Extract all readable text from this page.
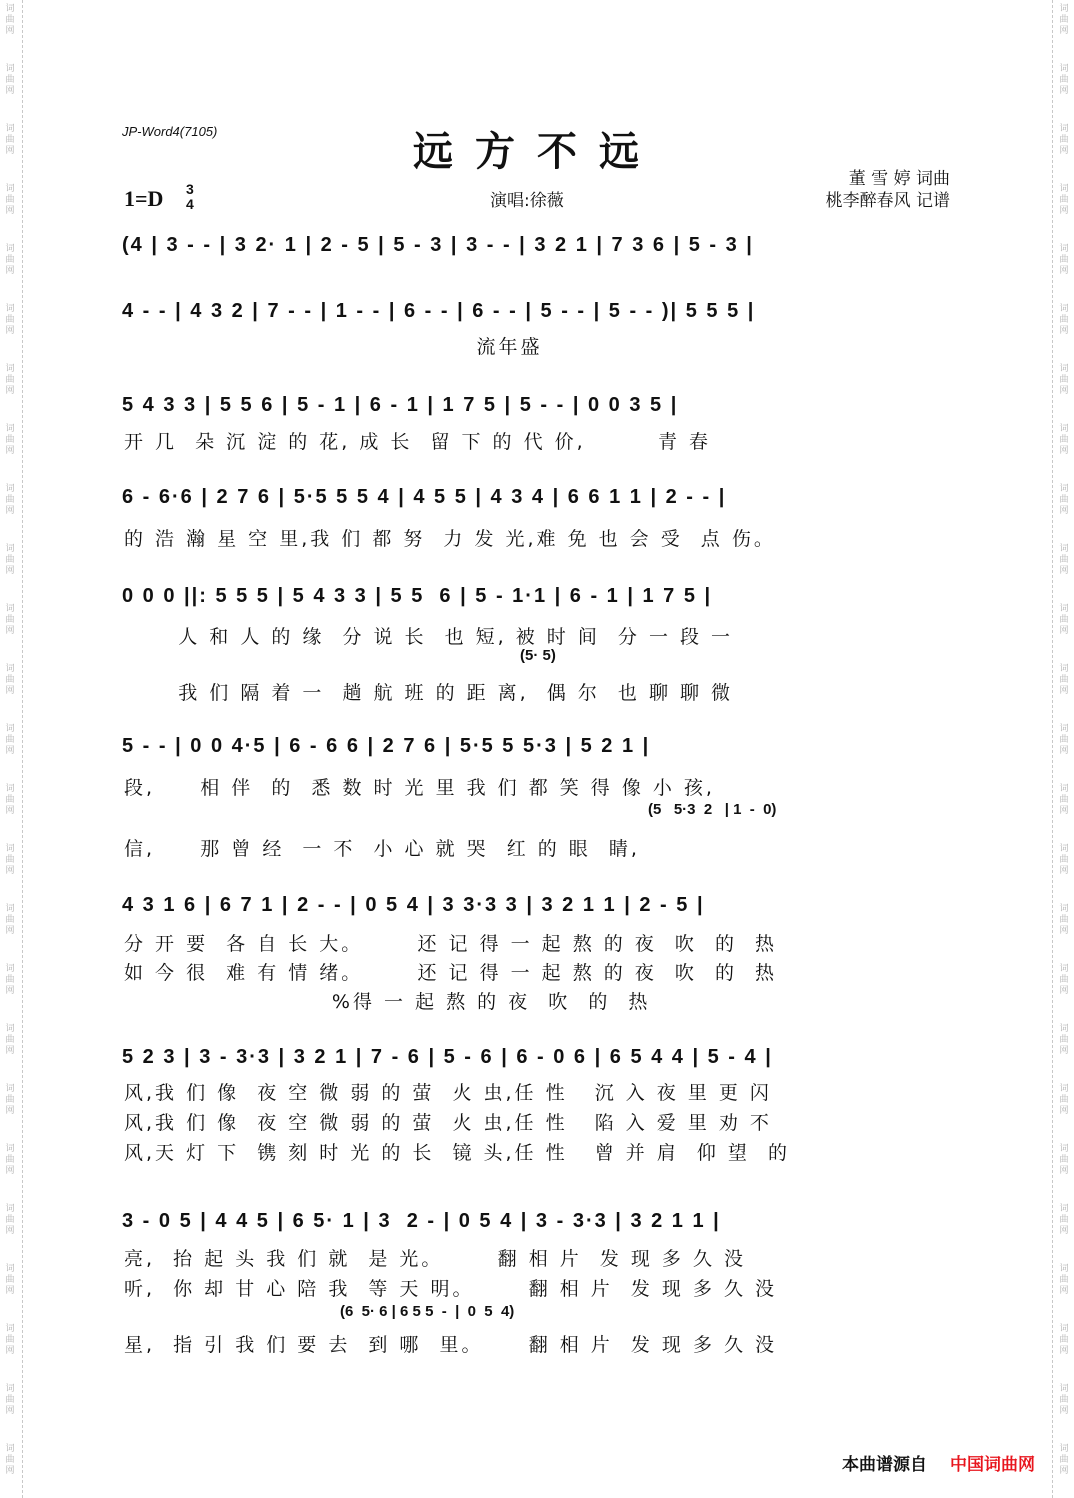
词
曲
网
词
曲
网
词
曲
网
词
曲
网
词
曲
网
词
曲
网
词
曲
网
词
曲
网
词
曲
网
词
曲
网
词
曲
网
词
曲
网
词
曲
网
词
曲
网
词
曲
网
词
曲
网
词
曲
网
词
曲
网
词
曲
网
词
曲
网
词
曲
网
词
曲
网
词
曲
网
词
曲
网
词
曲
网
词
曲
网
词
曲
网
词
曲
网
词
曲
网
词
曲
网
词
曲
网
词
曲
网
词
曲
网
词
曲
网
词
曲
网
词
曲
网
词
曲
网
词
曲
网
词
曲
网
词
曲
网
词
曲
网
词
曲
网
词
曲
网
词
曲
网
词
曲
网
词
曲
网
词
曲
网
词
曲
网
词
曲
网
词
曲
网
JP-Word4(7105)	远方不远
1=D 3
4	演唱:徐薇
董 雪 婷 词曲
桃李醉春风 记谱
(4 | 3 - - | 3 2· 1 | 2 - 5 | 5 - 3 | 3 - - | 3 2 1 | 7 3 6 | 5 - 3 |
4 - - | 4 3 2 | 7 - - | 1 - - | 6 - - | 6 - - | 5 - - | 5 - - )| 5 5 5 |
流年盛
5 4 3 3 | 5 5 6 | 5 - 1 | 6 - 1 | 1 7 5 | 5 - - | 0 0 3 5 |
开 几  朵 沉 淀 的 花, 成 长  留 下 的 代 价,        青 春
6 - 6·6 | 2 7 6 | 5·5 5 5 4 | 4 5 5 | 4 3 4 | 6 6 1 1 | 2 - - |
的 浩 瀚 星 空 里,我 们 都 努  力 发 光,难 免 也 会 受  点 伤。
0 0 0 ||: 5 5 5 | 5 4 3 3 | 5 5  6 | 5 - 1·1 | 6 - 1 | 1 7 5 |
人 和 人 的 缘  分 说 长  也 短, 被 时 间  分 一 段 一
(5· 5)
我 们 隔 着 一  趟 航 班 的 距 离,  偶 尔  也 聊 聊 微
5 - - | 0 0 4·5 | 6 - 6 6 | 2 7 6 | 5·5 5 5·3 | 5 2 1 |
段,     相 伴  的  悉 数 时 光 里 我 们 都 笑 得 像 小 孩,
(5   5·3  2   | 1  -  0)
信,     那 曾 经  一 不  小 心 就 哭  红 的 眼  睛,
4 3 1 6 | 6 7 1 | 2 - - | 0 5 4 | 3 3·3 3 | 3 2 1 1 | 2 - 5 |
分 开 要  各 自 长 大。      还 记 得 一 起 熬 的 夜  吹  的  热
如 今 很  难 有 情 绪。      还 记 得 一 起 熬 的 夜  吹  的  热
%得 一 起 熬 的 夜  吹  的  热
5 2 3 | 3 - 3·3 | 3 2 1 | 7 - 6 | 5 - 6 | 6 - 0 6 | 6 5 4 4 | 5 - 4 |
风,我 们 像  夜 空 微 弱 的 萤  火 虫,任 性   沉 入 夜 里 更 闪
风,我 们 像  夜 空 微 弱 的 萤  火 虫,任 性   陷 入 爱 里 劝 不
风,天 灯 下  镌 刻 时 光 的 长  镜 头,任 性   曾 并 肩  仰 望  的
3 - 0 5 | 4 4 5 | 6 5· 1 | 3  2 - | 0 5 4 | 3 - 3·3 | 3 2 1 1 |
亮,  抬 起 头 我 们 就  是 光。      翻 相 片  发 现 多 久 没
听,  你 却 甘 心 陪 我  等 天 明。      翻 相 片  发 现 多 久 没
(6  5· 6 | 6 5 5  -  |  0  5  4)
星,  指 引 我 们 要 去  到 哪  里。     翻 相 片  发 现 多 久 没
本曲谱源自 中国词曲网
